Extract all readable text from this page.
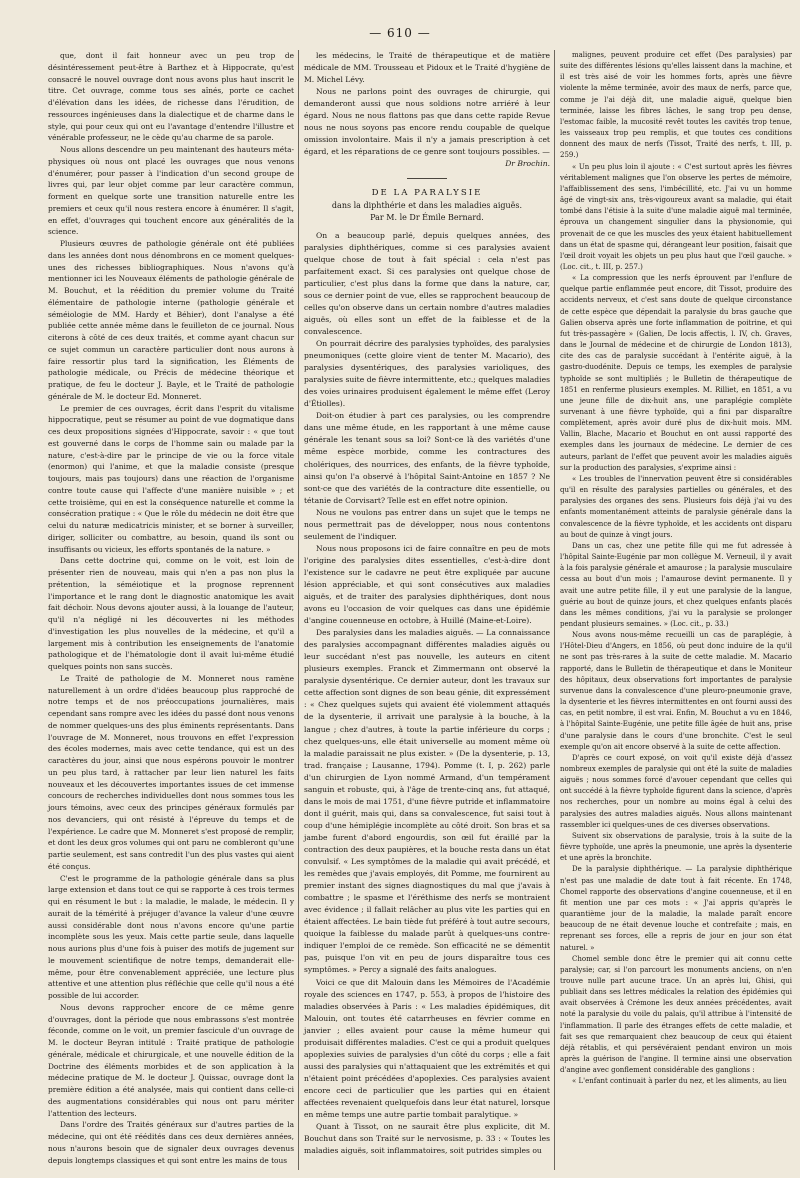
— 610 —

que, dont il fait honneur avec un peu trop de désintéressement peut-être à Barthez et à Hippocrate, qu'est consacré le nouvel ouvrage dont nous avons plus haut inscrit le titre. Cet ouvrage, comme tous ses aînés, porte ce cachet d'élévation dans les idées, de richesse dans l'érudition, de ressources ingénieuses dans la dialectique et de charme dans le style, qui pour ceux qui ont eu l'avantage d'entendre l'illustre et vénérable professeur, ne le cède qu'au charme de sa parole.

Nous allons descendre un peu maintenant des hauteurs méta-physiques où nous ont placé les ouvrages que nous venons d'énumérer, pour passer à l'indication d'un second groupe de livres qui, par leur objet comme par leur caractère commun, forment en quelque sorte une transition naturelle entre les premiers et ceux qu'il nous restera encore à énumérer. Il s'agit, en effet, d'ouvrages qui touchent encore aux généralités de la science.

Plusieurs œuvres de pathologie générale ont été publiées dans les années dont nous dénombrons en ce moment quelques-unes des richesses bibliographiques. Nous n'avons qu'à mentionner ici les Nouveaux éléments de pathologie générale de M. Bouchut, et la réédition du premier volume du Traité élémentaire de pathologie interne (pathologie générale et séméiologie de MM. Hardy et Béhier), dont l'analyse a été publiée cette année même dans le feuilleton de ce journal. Nous citerons à côté de ces deux traités, et comme ayant chacun sur ce sujet commun un caractère particulier dont nous aurons à faire ressortir plus tard la signification, les Éléments de pathologie médicale, ou Précis de médecine théorique et pratique, de feu le docteur J. Bayle, et le Traité de pathologie générale de M. le docteur Ed. Monneret.

Le premier de ces ouvrages, écrit dans l'esprit du vitalisme hippocratique, peut se résumer au point de vue dogmatique dans ces deux propositions signées d'Hippocrate, savoir : « que tout est gouverné dans le corps de l'homme sain ou malade par la nature, c'est-à-dire par le principe de vie ou la force vitale (enormon) qui l'anime, et que la maladie consiste (presque toujours, mais pas toujours) dans une réaction de l'organisme contre toute cause qui l'affecte d'une manière nuisible » ; et cette troisième, qui en est la conséquence naturelle et comme la consécration pratique : « Que le rôle du médecin ne doit être que celui du naturæ medicatricis minister, et se borner à surveiller, diriger, solliciter ou combattre, au besoin, quand ils sont ou insuffisants ou vicieux, les efforts spontanés de la nature. »

Dans cette doctrine qui, comme on le voit, est loin de présenter rien de nouveau, mais qui n'en a pas non plus la prétention, la séméiotique et la prognose reprennent l'importance et le rang dont le diagnostic anatomique les avait fait déchoir. Nous devons ajouter aussi, à la louange de l'auteur, qu'il n'a négligé ni les découvertes ni les méthodes d'investigation les plus nouvelles de la médecine, et qu'il a largement mis à contribution les enseignements de l'anatomie pathologique et de l'hématologie dont il avait lui-même étudié quelques points non sans succès.

Le Traité de pathologie de M. Monneret nous ramène naturellement à un ordre d'idées beaucoup plus rapproché de notre temps et de nos préoccupations journalières, mais cependant sans rompre avec les idées du passé dont nous venons de nommer quelques-uns des plus éminents représentants. Dans l'ouvrage de M. Monneret, nous trouvons en effet l'expression des écoles modernes, mais avec cette tendance, qui est un des caractères du jour, ainsi que nous espérons pouvoir le montrer un peu plus tard, à rattacher par leur lien naturel les faits nouveaux et les découvertes importantes issues de cet immense concours de recherches individuelles dont nous sommes tous les jours témoins, avec ceux des principes généraux formulés par nos devanciers, qui ont résisté à l'épreuve du temps et de l'expérience. Le cadre que M. Monneret s'est proposé de remplir, et dont les deux gros volumes qui ont paru ne combleront qu'une partie seulement, est sans contredit l'un des plus vastes qui aient été conçus.

C'est le programme de la pathologie générale dans sa plus large extension et dans tout ce qui se rapporte à ces trois termes qui en résument le but : la maladie, le malade, le médecin. Il y aurait de la témérité à préjuger d'avance la valeur d'une œuvre aussi considérable dont nous n'avons encore qu'une partie incomplète sous les yeux. Mais cette partie seule, dans laquelle nous aurions plus d'une fois à puiser des motifs de jugement sur le mouvement scientifique de notre temps, demanderait elle-même, pour être convenablement appréciée, une lecture plus attentive et une attention plus réfléchie que celle qu'il nous a été possible de lui accorder.

Nous devons rapprocher encore de ce même genre d'ouvrages, dont la période que nous embrassons s'est montrée féconde, comme on le voit, un premier fascicule d'un ouvrage de M. le docteur Beyran intitulé : Traité pratique de pathologie générale, médicale et chirurgicale, et une nouvelle édition de la Doctrine des éléments morbides et de son application à la médecine pratique de M. le docteur J. Quissac, ouvrage dont la première édition a été analysée, mais qui contient dans celle-ci des augmentations considérables qui nous ont paru mériter l'attention des lecteurs.

Dans l'ordre des Traités généraux sur d'autres parties de la médecine, qui ont été réédités dans ces deux dernières années, nous n'aurons besoin que de signaler deux ouvrages devenus depuis longtemps classiques et qui sont entre les mains de tous

les médecins, le Traité de thérapeutique et de matière médicale de MM. Trousseau et Pidoux et le Traité d'hygiène de M. Michel Lévy.

Nous ne parlons point des ouvrages de chirurgie, qui demanderont aussi que nous soldions notre arriéré à leur égard. Nous ne nous flattons pas que dans cette rapide Revue nous ne nous soyons pas encore rendu coupable de quelque omission involontaire. Mais il n'y a jamais prescription à cet égard, et les réparations de ce genre sont toujours possibles. —

Dr Brochin.

DE LA PARALYSIE
dans la diphthérie et dans les maladies aiguës.
Par M. le Dr Émile Bernard.

On a beaucoup parlé, depuis quelques années, des paralysies diphthériques, comme si ces paralysies avaient quelque chose de tout à fait spécial : cela n'est pas parfaitement exact. Si ces paralysies ont quelque chose de particulier, c'est plus dans la forme que dans la nature, car, sous ce dernier point de vue, elles se rapprochent beaucoup de celles qu'on observe dans un certain nombre d'autres maladies aiguës, où elles sont un effet de la faiblesse et de la convalescence.

On pourrait décrire des paralysies typhoïdes, des paralysies pneumoniques (cette gloire vient de tenter M. Macario), des paralysies dysentériques, des paralysies varioliques, des paralysies suite de fièvre intermittente, etc.; quelques maladies des voies urinaires produisent également le même effet (Leroy d'Étiolles).

Doit-on étudier à part ces paralysies, ou les comprendre dans une même étude, en les rapportant à une même cause générale les tenant sous sa loi? Sont-ce là des variétés d'une même espèce morbide, comme les contractures des cholériques, des nourrices, des enfants, de la fièvre typhoïde, ainsi qu'on l'a observé à l'hôpital Saint-Antoine en 1857 ? Ne sont-ce que des variétés de la contracture dite essentielle, ou tétanie de Corvisart? Telle est en effet notre opinion.

Nous ne voulons pas entrer dans un sujet que le temps ne nous permettrait pas de développer, nous nous contentons seulement de l'indiquer.

Nous nous proposons ici de faire connaître en peu de mots l'origine des paralysies dites essentielles, c'est-à-dire dont l'existence sur le cadavre ne peut être expliquée par aucune lésion appréciable, et qui sont consécutives aux maladies aiguës, et de traiter des paralysies diphthériques, dont nous avons eu l'occasion de voir quelques cas dans une épidémie d'angine couenneuse en octobre, à Huillé (Maine-et-Loire).

Des paralysies dans les maladies aiguës. — La connaissance des paralysies accompagnant différentes maladies aiguës ou leur succédant n'est pas nouvelle, les auteurs en citent plusieurs exemples. Franck et Zimmermann ont observé la paralysie dysentérique. Ce dernier auteur, dont les travaux sur cette affection sont dignes de son beau génie, dit expressément : « Chez quelques sujets qui avaient été violemment attaqués de la dysenterie, il arrivait une paralysie à la bouche, à la langue ; chez d'autres, à toute la partie inférieure du corps ; chez quelques-uns, elle était universelle au moment même où la maladie paraissait ne plus exister. » (De la dysenterie, p. 13, trad. française ; Lausanne, 1794). Pomme (t. I, p. 262) parle d'un chirurgien de Lyon nommé Armand, d'un tempérament sanguin et robuste, qui, à l'âge de trente-cinq ans, fut attaqué, dans le mois de mai 1751, d'une fièvre putride et inflammatoire dont il guérit, mais qui, dans sa convalescence, fut saisi tout à coup d'une hémiplégie incomplète au côté droit. Son bras et sa jambe furent d'abord engourdis, son œil fut éraillé par la contraction des deux paupières, et la bouche resta dans un état convulsif. « Les symptômes de la maladie qui avait précédé, et les remèdes que j'avais employés, dit Pomme, me fournirent au premier instant des signes diagnostiques du mal que j'avais à combattre ; le spasme et l'éréthisme des nerfs se montraient avec évidence ; il fallait relâcher au plus vite les parties qui en étaient affectées. Le bain tiède fut préféré à tout autre secours, quoique la faiblesse du malade parût à quelques-uns contre-indiquer l'emploi de ce remède. Son efficacité ne se démentit pas, puisque l'on vit en peu de jours disparaître tous ces symptômes. » Percy a signalé des faits analogues.

Voici ce que dit Malouin dans les Mémoires de l'Académie royale des sciences en 1747, p. 553, à propos de l'histoire des maladies observées à Paris : « Les maladies épidémiques, dit Malouin, ont toutes été catarrheuses en février comme en janvier ; elles avaient pour cause la même humeur qui produisait différentes maladies. C'est ce qui a produit quelques apoplexies suivies de paralysies d'un côté du corps ; elle a fait aussi des paralysies qui n'attaquaient que les extrémités et qui n'étaient point précédées d'apoplexies. Ces paralysies avaient encore ceci de particulier que les parties qui en étaient affectées revenaient quelquefois dans leur état naturel, lorsque en même temps une autre partie tombait paralytique. »

Quant à Tissot, on ne saurait être plus explicite, dit M. Bouchut dans son Traité sur le nervosisme, p. 33 : « Toutes les maladies aiguës, soit inflammatoires, soit putrides simples ou

malignes, peuvent produire cet effet (Des paralysies) par suite des différentes lésions qu'elles laissent dans la machine, et il est très aisé de voir les hommes forts, après une fièvre violente la même terminée, avoir des maux de nerfs, parce que, comme je l'ai déjà dit, une maladie aiguë, quelque bien terminée, laisse les fibres lâches, le sang trop peu dense, l'estomac faible, la mucosité revêt toutes les cavités trop tenue, les vaisseaux trop peu remplis, et que toutes ces conditions donnent des maux de nerfs (Tissot, Traité des nerfs, t. III, p. 259.)

« Un peu plus loin il ajoute : « C'est surtout après les fièvres véritablement malignes que l'on observe les pertes de mémoire, l'affaiblissement des sens, l'imbécillité, etc. J'ai vu un homme âgé de vingt-six ans, très-vigoureux avant sa maladie, qui était tombé dans l'étisie à la suite d'une maladie aiguë mal terminée, éprouva un changement singulier dans la physionomie, qui provenait de ce que les muscles des yeux étaient habituellement dans un état de spasme qui, dérangeant leur position, faisait que l'œil droit voyait les objets un peu plus haut que l'œil gauche. » (Loc. cit., t. III, p. 257.)

« La compression que les nerfs éprouvent par l'enflure de quelque partie enflammée peut encore, dit Tissot, produire des accidents nerveux, et c'est sans doute de quelque circonstance de cette espèce que dépendait la paralysie du bras gauche que Galien observa après une forte inflammation de poitrine, et qui fut très-passagère » (Galien, De locis affectis, l. IV, ch. Graves, dans le Journal de médecine et de chirurgie de London 1813), cite des cas de paralysie succédant à l'entérite aiguë, à la gastro-duodénite. Depuis ce temps, les exemples de paralysie typhoïde se sont multipliés ; le Bulletin de thérapeutique de 1851 en renferme plusieurs exemples. M. Rilliet, en 1851, a vu une jeune fille de dix-huit ans, une paraplégie complète survenant à une fièvre typhoïde, qui a fini par disparaître complètement, après avoir duré plus de dix-huit mois. MM. Vallin, Blache, Macario et Bouchut en ont aussi rapporté des exemples dans les journaux de médecine. Le dernier de ces auteurs, parlant de l'effet que peuvent avoir les maladies aiguës sur la production des paralysies, s'exprime ainsi :

« Les troubles de l'innervation peuvent être si considérables qu'il en résulte des paralysies partielles ou générales, et des paralysies des organes des sens. Plusieurs fois déjà j'ai vu des enfants momentanément atteints de paralysie générale dans la convalescence de la fièvre typhoïde, et les accidents ont disparu au bout de quinze à vingt jours.

Dans un cas, chez une petite fille qui me fut adressée à l'hôpital Sainte-Eugénie par mon collègue M. Verneuil, il y avait à la fois paralysie générale et amaurose ; la paralysie musculaire cessa au bout d'un mois ; l'amaurose devint permanente. Il y avait une autre petite fille, il y eut une paralysie de la langue, guérie au bout de quinze jours, et chez quelques enfants placés dans les mêmes conditions, j'ai vu la paralysie se prolonger pendant plusieurs semaines. » (Loc. cit., p. 33.)

Nous avons nous-même recueilli un cas de paraplégie, à l'Hôtel-Dieu d'Angers, en 1856, où peut donc induire de la qu'il ne sont pas très-rares à la suite de cette maladie. M. Macario rapporté, dans le Bulletin de thérapeutique et dans le Moniteur des hôpitaux, deux observations fort importantes de paralysie survenue dans la convalescence d'une pleuro-pneumonie grave, la dysenterie et les fièvres intermittentes en ont fourni aussi des cas, en petit nombre, il est vrai. Enfin, M. Bouchut a vu en 1846, à l'hôpital Sainte-Eugénie, une petite fille âgée de huit ans, prise d'une paralysie dans le cours d'une bronchite. C'est le seul exemple qu'on ait encore observé à la suite de cette affection.

D'après ce court exposé, on voit qu'il existe déjà d'assez nombreux exemples de paralysie qui ont été la suite de maladies aiguës ; nous sommes forcé d'avouer cependant que celles qui ont succédé à la fièvre typhoïde figurent dans la science, d'après nos recherches, pour un nombre au moins égal à celui des paralysies des autres maladies aiguës. Nous allons maintenant rassembler ici quelques-unes de ces diverses observations.

Suivent six observations de paralysie, trois à la suite de la fièvre typhoïde, une après la pneumonie, une après la dysenterie et une après la bronchite.

De la paralysie diphthérique. — La paralysie diphthérique n'est pas une maladie de date tout à fait récente. En 1748, Chomel rapporte des observations d'angine couenneuse, et il en fit mention une par ces mots : « J'ai appris qu'après le quarantième jour de la maladie, la malade paraît encore beaucoup de ne était devenue louche et contrefaite ; mais, en reprenant ses forces, elle a repris de jour en jour son état naturel. »

Chomel semble donc être le premier qui ait connu cette paralysie; car, si l'on parcourt les monuments anciens, on n'en trouve nulle part aucune trace. Un an après lui, Ghisi, qui publiait dans ses lettres médicales la relation des épidémies qui avait observées à Crémone les deux années précédentes, avait noté la paralysie du voile du palais, qu'il attribue à l'intensité de l'inflammation. Il parle des étranges effets de cette maladie, et fait ses que remarquaient chez beaucoup de ceux qui étaient déjà rétablis, et qui persévéraient pendant environ un mois après la guérison de l'angine. Il termine ainsi une observation d'angine avec gonflement considérable des ganglions :

« L'enfant continuait à parler du nez, et les aliments, au lieu
